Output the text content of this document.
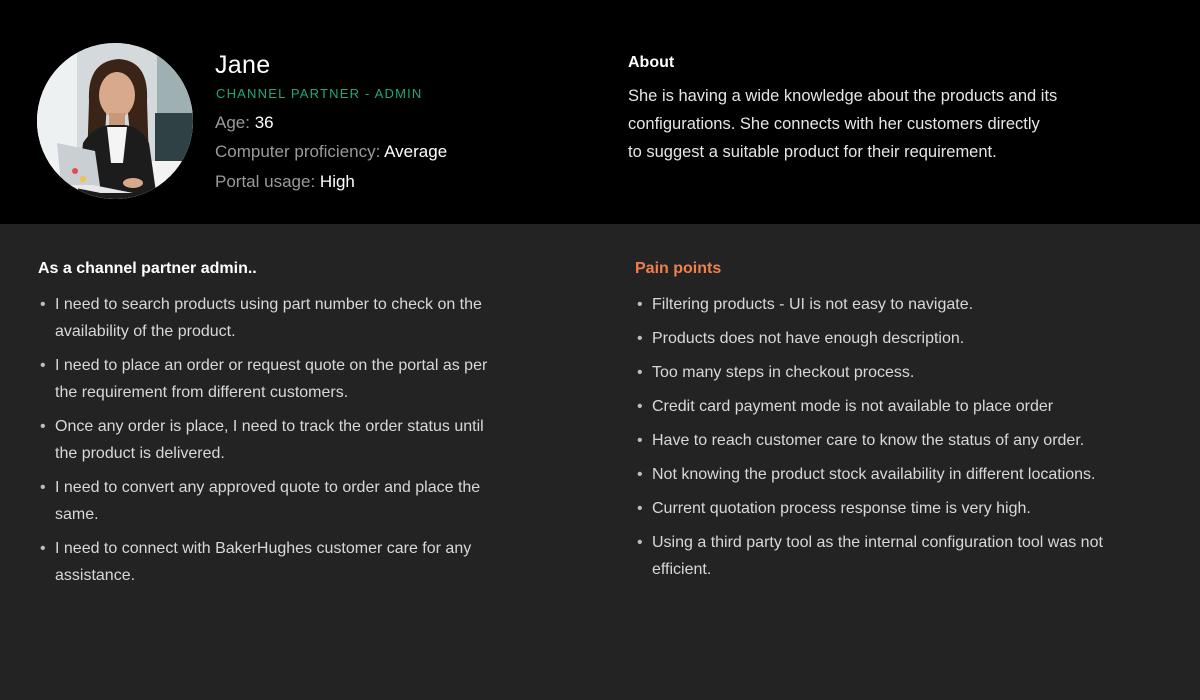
Jane
CHANNEL PARTNER - ADMIN
Age: 36
Computer proficiency: Average
Portal usage: High
About
She is having a wide knowledge about the products and its configurations. She connects with her customers directly to suggest a suitable product for their requirement.
As a channel partner admin..
• I need to search products using part number to check on the availability of the product.
• I need to place an order or request quote on the portal as per the requirement from different customers.
• Once any order is place, I need to track the order status until the product is delivered.
• I need to convert any approved quote to order and place the same.
• I need to connect with BakerHughes customer care for any assistance.
Pain points
• Filtering products - UI is not easy to navigate.
• Products does not have enough description.
• Too many steps in checkout process.
• Credit card payment mode is not available to place order
• Have to reach customer care to know the status of any order.
• Not knowing the product stock availability in different locations.
• Current quotation process response time is very high.
• Using a third party tool as the internal configuration tool was not efficient.
